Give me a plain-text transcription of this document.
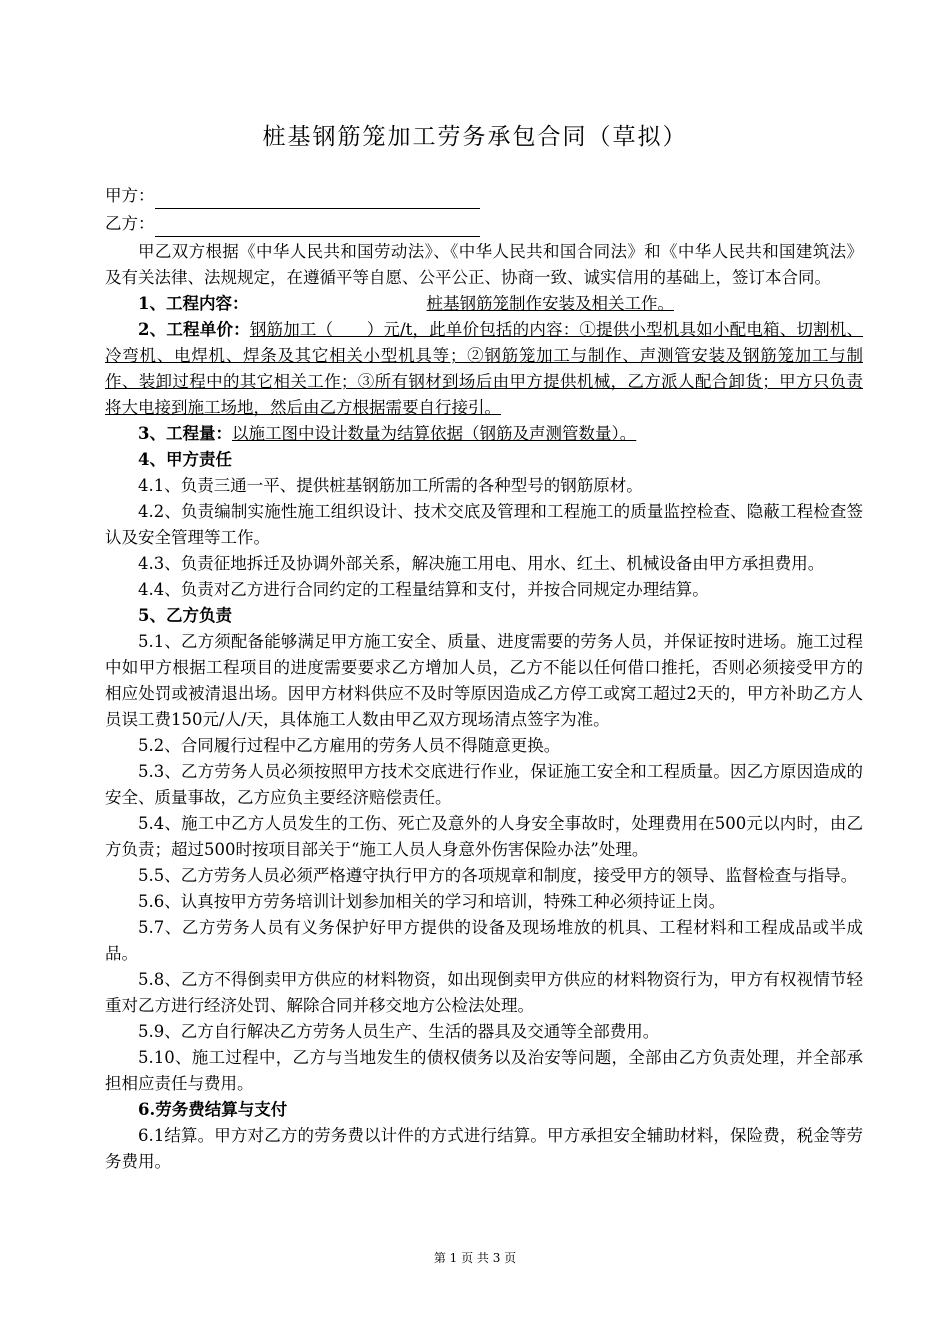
桩基钢筋笼加工劳务承包合同（草拟）
甲方：
乙方：

甲乙双方根据《中华人民共和国劳动法》、《中华人民共和国合同法》和《中华人民共和国建筑法》及有关法律、法规规定，在遵循平等自愿、公平公正、协商一致、诚实信用的基础上，签订本合同。

1、工程内容：	桩基钢筋笼制作安装及相关工作。

2、工程单价：钢筋加工（　　）元/t，此单价包括的内容：①提供小型机具如小配电箱、切割机、冷弯机、电焊机、焊条及其它相关小型机具等；②钢筋笼加工与制作、声测管安装及钢筋笼加工与制作、装卸过程中的其它相关工作；③所有钢材到场后由甲方提供机械，乙方派人配合卸货；甲方只负责将大电接到施工场地，然后由乙方根据需要自行接引。

3、工程量：以施工图中设计数量为结算依据（钢筋及声测管数量）。

4、甲方责任

4.1、负责三通一平、提供桩基钢筋加工所需的各种型号的钢筋原材。

4.2、负责编制实施性施工组织设计、技术交底及管理和工程施工的质量监控检查、隐蔽工程检查签认及安全管理等工作。

4.3、负责征地拆迁及协调外部关系，解决施工用电、用水、红土、机械设备由甲方承担费用。

4.4、负责对乙方进行合同约定的工程量结算和支付，并按合同规定办理结算。

5、乙方负责

5.1、乙方须配备能够满足甲方施工安全、质量、进度需要的劳务人员，并保证按时进场。施工过程中如甲方根据工程项目的进度需要要求乙方增加人员，乙方不能以任何借口推托，否则必须接受甲方的相应处罚或被清退出场。因甲方材料供应不及时等原因造成乙方停工或窝工超过2天的，甲方补助乙方人员误工费150元/人/天，具体施工人数由甲乙双方现场清点签字为准。

5.2、合同履行过程中乙方雇用的劳务人员不得随意更换。

5.3、乙方劳务人员必须按照甲方技术交底进行作业，保证施工安全和工程质量。因乙方原因造成的安全、质量事故，乙方应负主要经济赔偿责任。

5.4、施工中乙方人员发生的工伤、死亡及意外的人身安全事故时，处理费用在500元以内时，由乙方负责；超过500时按项目部关于“施工人员人身意外伤害保险办法”处理。

5.5、乙方劳务人员必须严格遵守执行甲方的各项规章和制度，接受甲方的领导、监督检查与指导。

5.6、认真按甲方劳务培训计划参加相关的学习和培训，特殊工种必须持证上岗。

5.7、乙方劳务人员有义务保护好甲方提供的设备及现场堆放的机具、工程材料和工程成品或半成品。

5.8、乙方不得倒卖甲方供应的材料物资，如出现倒卖甲方供应的材料物资行为，甲方有权视情节轻重对乙方进行经济处罚、解除合同并移交地方公检法处理。

5.9、乙方自行解决乙方劳务人员生产、生活的器具及交通等全部费用。

5.10、施工过程中，乙方与当地发生的债权债务以及治安等问题，全部由乙方负责处理，并全部承担相应责任与费用。

6.劳务费结算与支付

6.1结算。甲方对乙方的劳务费以计件的方式进行结算。甲方承担安全辅助材料，保险费，税金等劳务费用。

第 1 页 共 3 页
